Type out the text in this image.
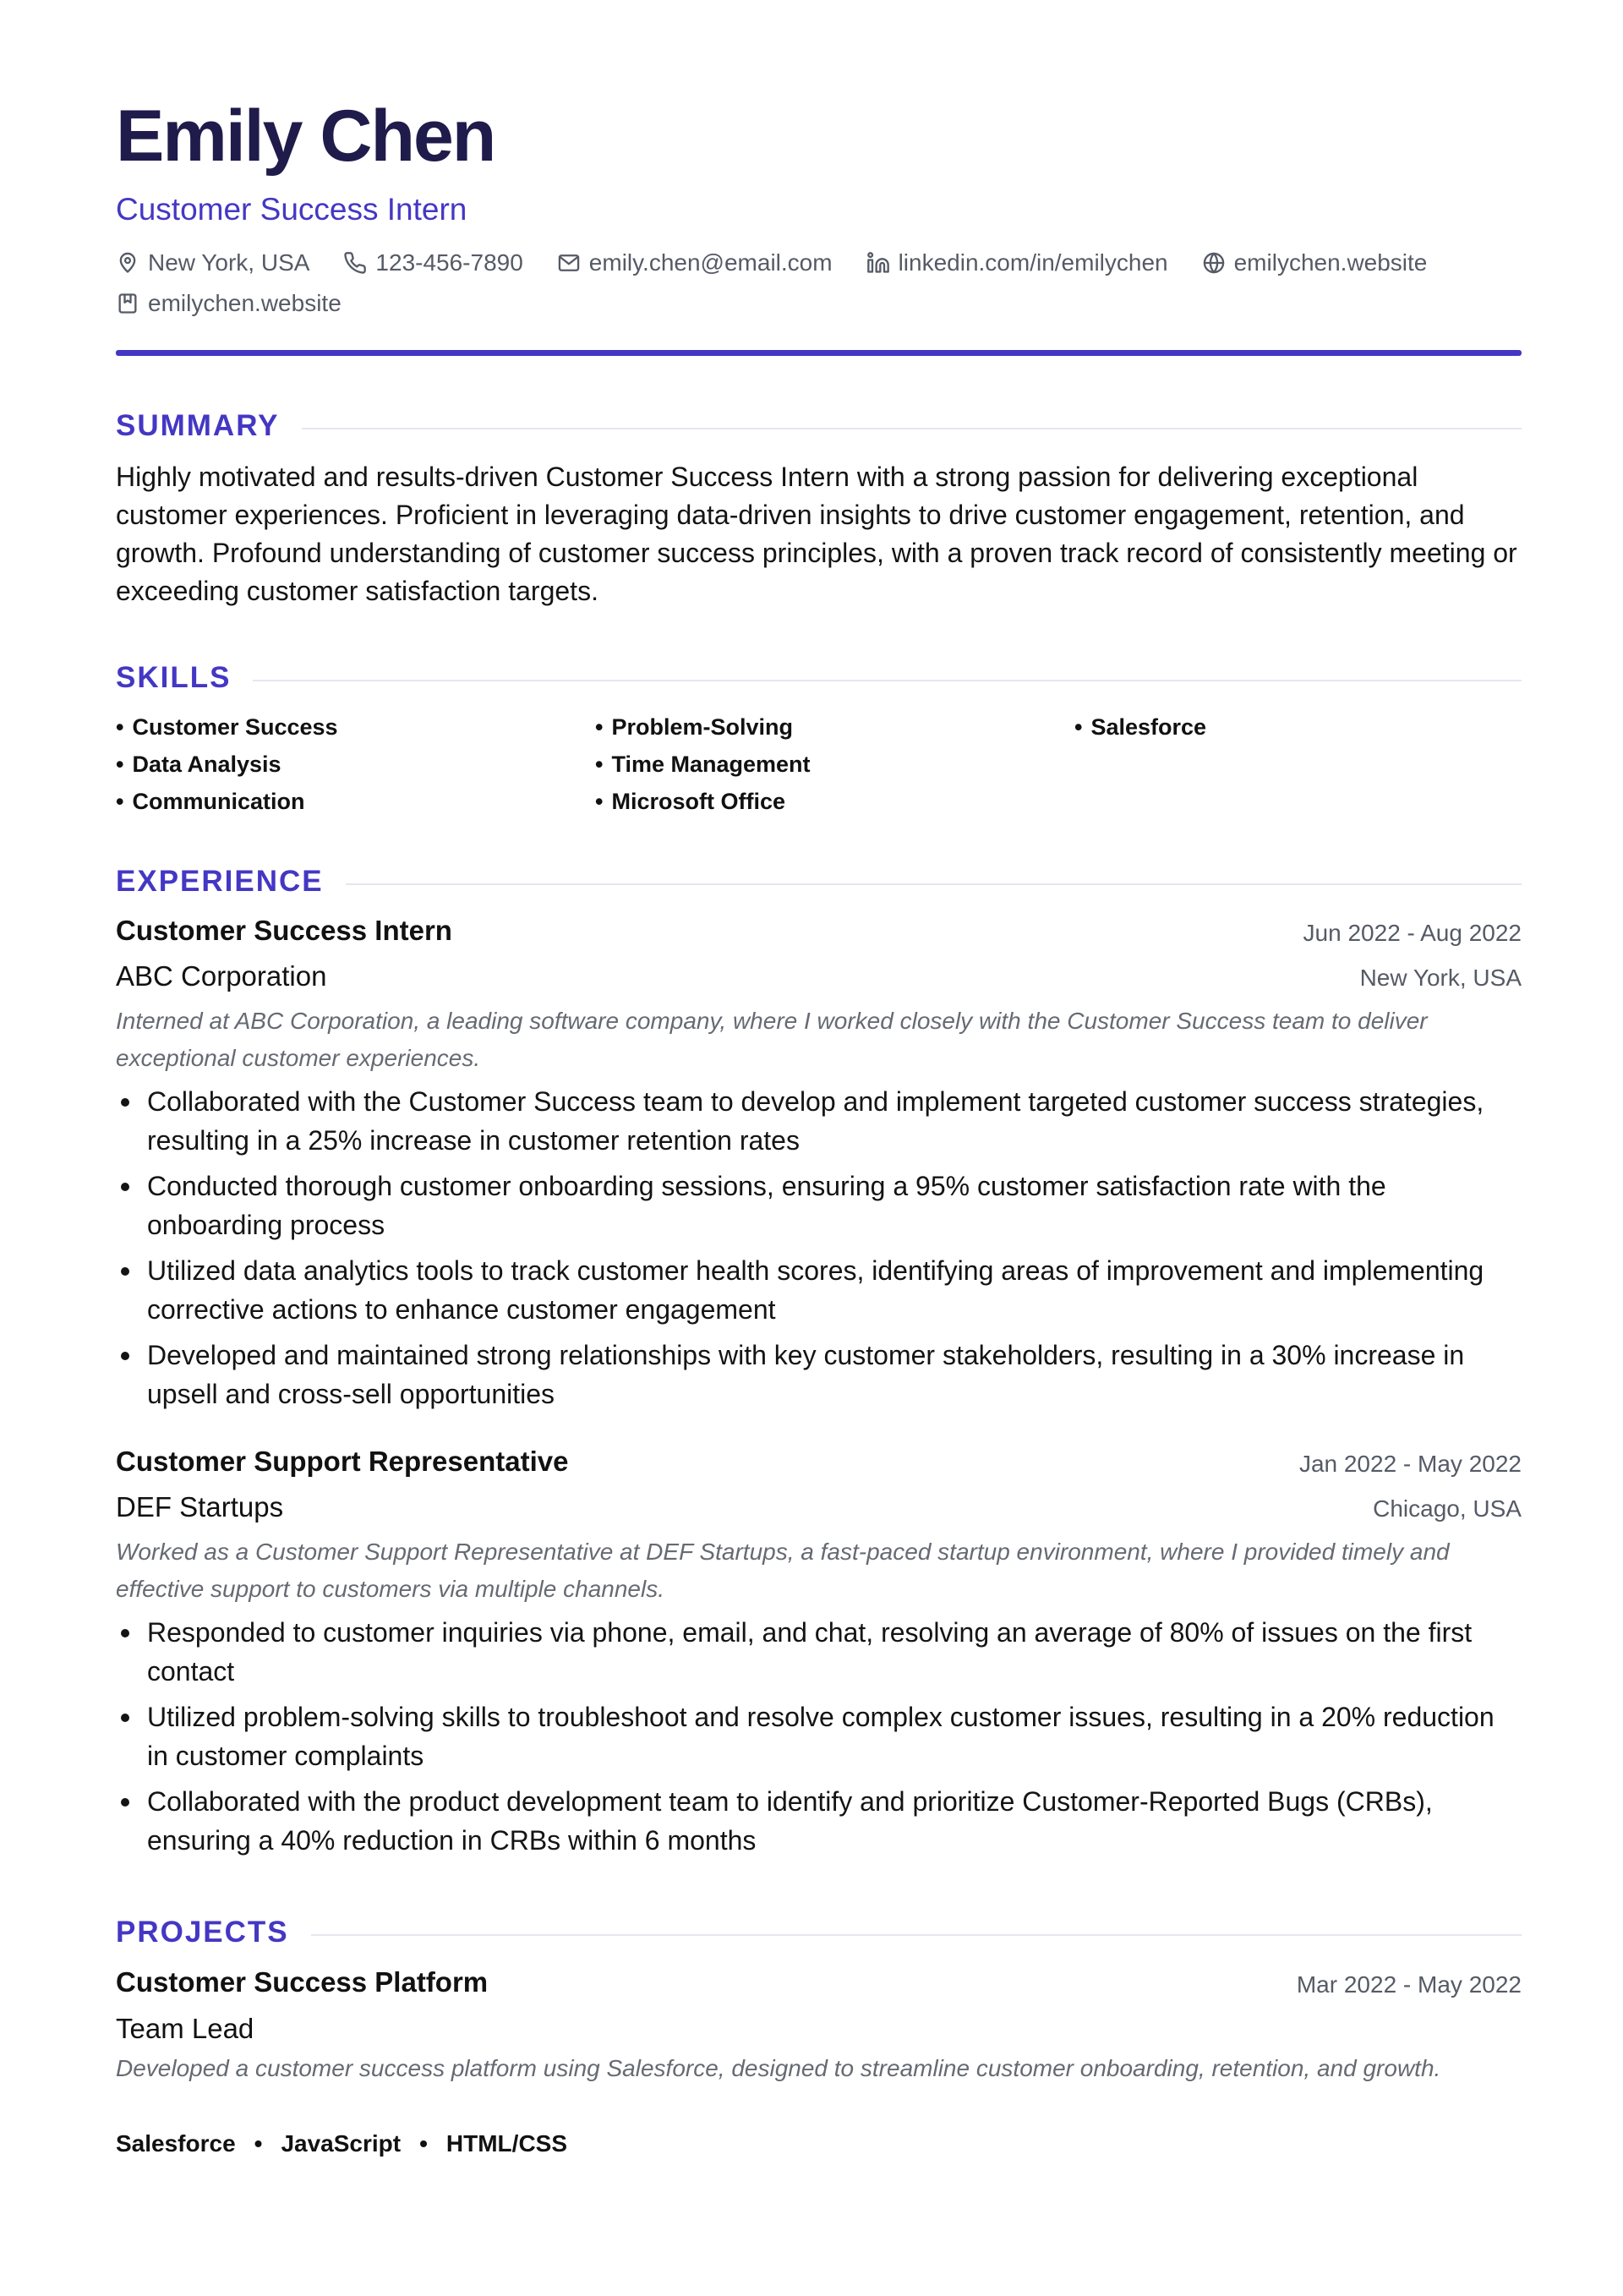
Emily Chen
Customer Success Intern
New York, USA	123-456-7890	emily.chen@email.com	linkedin.com/in/emilychen	emilychen.website
emilychen.website
SUMMARY

Highly motivated and results-driven Customer Success Intern with a strong passion for delivering exceptional customer experiences. Proficient in leveraging data-driven insights to drive customer engagement, retention, and growth. Profound understanding of customer success principles, with a proven track record of consistently meeting or exceeding customer satisfaction targets.

SKILLS
• Customer Success
• Data Analysis
• Communication
• Problem-Solving
• Time Management
• Microsoft Office
• Salesforce
EXPERIENCE
Customer Success Intern	Jun 2022 - Aug 2022
ABC Corporation	New York, USA

Interned at ABC Corporation, a leading software company, where I worked closely with the Customer Success team to deliver exceptional customer experiences.

Collaborated with the Customer Success team to develop and implement targeted customer success strategies, resulting in a 25% increase in customer retention rates
Conducted thorough customer onboarding sessions, ensuring a 95% customer satisfaction rate with the onboarding process
Utilized data analytics tools to track customer health scores, identifying areas of improvement and implementing corrective actions to enhance customer engagement
Developed and maintained strong relationships with key customer stakeholders, resulting in a 30% increase in upsell and cross-sell opportunities
Customer Support Representative	Jan 2022 - May 2022
DEF Startups	Chicago, USA

Worked as a Customer Support Representative at DEF Startups, a fast-paced startup environment, where I provided timely and effective support to customers via multiple channels.

Responded to customer inquiries via phone, email, and chat, resolving an average of 80% of issues on the first contact
Utilized problem-solving skills to troubleshoot and resolve complex customer issues, resulting in a 20% reduction in customer complaints
Collaborated with the product development team to identify and prioritize Customer-Reported Bugs (CRBs), ensuring a 40% reduction in CRBs within 6 months
PROJECTS
Customer Success Platform	Mar 2022 - May 2022
Team Lead

Developed a customer success platform using Salesforce, designed to streamline customer onboarding, retention, and growth.

Salesforce • JavaScript • HTML/CSS
